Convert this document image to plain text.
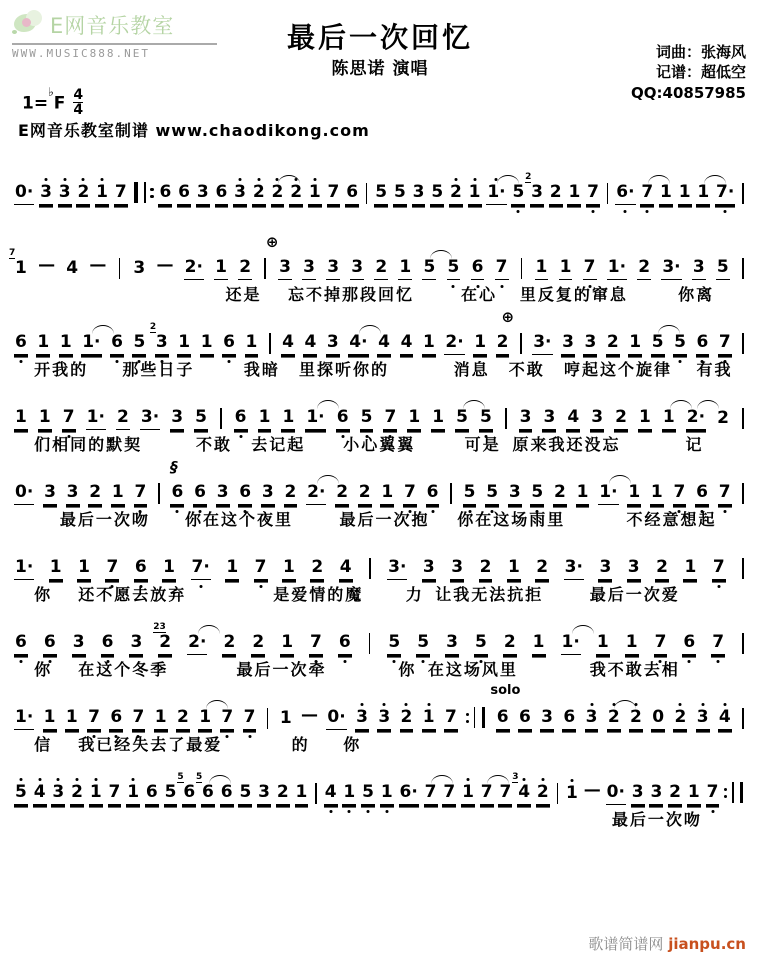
E网音乐教室
WWW.MUSIC888.NET	最后一次回忆
陈思诺 演唱
词曲：张海风
记谱：超低空
QQ:40857985
1=♭F 4
4
E网音乐教室制谱 www.chaodikong.com
0· 3 3 2 1 7 6 6 3 6 3 2 2 2 1 7 6 5 5 3 5 2 1 1· 5 3
2
2 1 7 6· 7 1 1 1 7·
⊕
1
7
— 4 — 3 — 2· 1 2 3 3 3 3 2 1 5 5 6 7 1 1 7 1· 2 3· 3 5
还是 忘不掉那段回忆	在心 里反复的窜息	你离
⊕
6 1 1 1· 6 5 3
2
1 1 6 1 4 4 3 4· 4 4 1 2· 1 2 3· 3 3 2 1 5 5 6 7
开我的 那些日子	我暗 里探听你的	消息 不敢 哼起这个旋律 有我
1 1 7 1· 2 3· 3 5 6 1 1 1· 6 5 7 1 1 5 5 3 3 4 3 2 1 1 2· 2
们相同的默契	不敢 去记起 小心翼翼	可是 原来我还没忘	记
§
0· 3 3 2 1 7 6 6 3 6 3 2 2· 2 2 1 7 6 5 5 3 5 2 1 1· 1 1 7 6 7
最后一次吻 你在这个夜里	最后一次抱 你在这场雨里	不经意想起
1· 1 1 7 6 1 7· 1 7 1 2 4 3· 3 3 2 1 2 3· 3 3 2 1 7
你 还不愿去放弃	是爱情的魔	力 让我无法抗拒	最后一次爱
6 6 3 6 3 2
23
2· 2 2 1 7 6 5 5 3 5 2 1 1· 1 1 7 6 7
你 在这个冬季	最后一次牵	你 在这场风里	我不敢去相
solo
1· 1 1 7 6 7 1 2 1 7 7 1 — 0· 3 3 2 1 7 6 6 3 6 3 2 2 0 2 3 4
信 我已经失去了最爱	的 你
5 4 3 2 1 7 1 6 5 6
5
6
5
6 5 3 2 1 4 1 5 1 6· 7 7 1 7 7 4
3
2 1 — 0· 3 3 2 1 7
最后一次吻
歌谱简谱网 jianpu.cn
